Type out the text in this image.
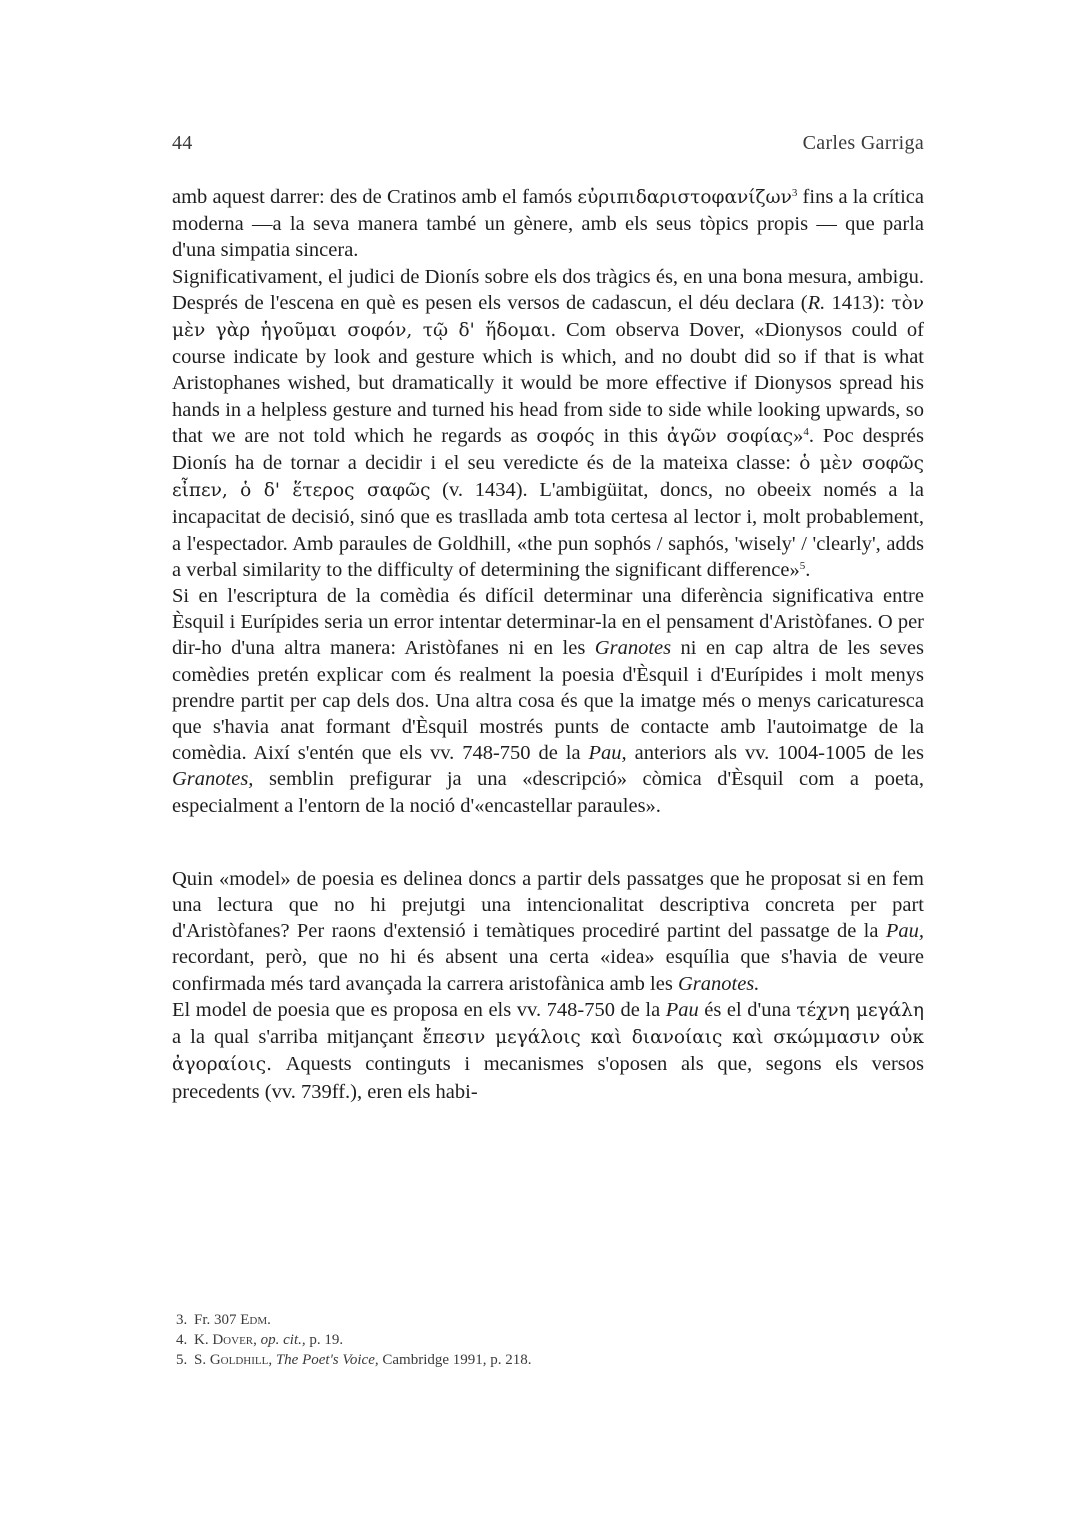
44	Carles Garriga

amb aquest darrer: des de Cratinos amb el famós εὐριπιδαριστοφανίζων$^3$ fins a la crítica moderna —a la seva manera també un gènere, amb els seus tòpics propis — que parla d'una simpatia sincera.

Significativament, el judici de Dionís sobre els dos tràgics és, en una bona mesura, ambigu. Després de l'escena en què es pesen els versos de cadascun, el déu declara (R. 1413): τὸν μὲν γὰρ ἡγοῦμαι σοφόν, τῷ δ' ἥδομαι. Com observa Dover, «Dionysos could of course indicate by look and gesture which is which, and no doubt did so if that is what Aristophanes wished, but dramatically it would be more effective if Dionysos spread his hands in a helpless gesture and turned his head from side to side while looking upwards, so that we are not told which he regards as σοφός in this ἀγῶν σοφίας»$^4$. Poc després Dionís ha de tornar a decidir i el seu veredicte és de la mateixa classe: ὁ μὲν σοφῶς εἶπεν, ὁ δ' ἕτερος σαφῶς (v. 1434). L'ambigüitat, doncs, no obeeix només a la incapacitat de decisió, sinó que es traslladа amb tota certesa al lector i, molt probablement, a l'espectador. Amb paraules de Goldhill, «the pun sophós / saphós, 'wisely' / 'clearly', adds a verbal similarity to the difficulty of determining the significant difference»$^5$.

Si en l'escriptura de la comèdia és difícil determinar una diferència significativa entre Èsquil i Eurípides seria un error intentar determinar-la en el pensament d'Aristòfanes. O per dir-ho d'una altra manera: Aristòfanes ni en les Granotes ni en cap altra de les seves comèdies pretén explicar com és realment la poesia d'Èsquil i d'Eurípides i molt menys prendre partit per cap dels dos. Una altra cosa és que la imatge més o menys caricaturesca que s'havia anat formant d'Èsquil mostrés punts de contacte amb l'autoimatge de la comèdia. Així s'entén que els vv. 748-750 de la Pau, anteriors als vv. 1004-1005 de les Granotes, semblin prefigurar ja una «descripció» còmica d'Èsquil com a poeta, especialment a l'entorn de la noció d'«encastellar paraules».

Quin «model» de poesia es delinea doncs a partir dels passatges que he proposat si en fem una lectura que no hi prejutgi una intencionalitat descriptiva concreta per part d'Aristòfanes? Per raons d'extensió i temàtiques procediré partint del passatge de la Pau, recordant, però, que no hi és absent una certa «idea» esquília que s'havia de veure confirmada més tard avançada la carrera aristofànica amb les Granotes.

El model de poesia que es proposa en els vv. 748-750 de la Pau és el d'una τέχνη μεγάλη a la qual s'arriba mitjançant ἔπεσιν μεγάλοις καὶ διανοίαις καὶ σκώμμασιν οὐκ ἀγοραίοις. Aquests continguts i mecanismes s'oposen als que, segons els versos precedents (vv. 739ff.), eren els habi-

3. Fr. 307 Edm.

4. K. Dover, op. cit., p. 19.

5. S. Goldhill, The Poet's Voice, Cambridge 1991, p. 218.
